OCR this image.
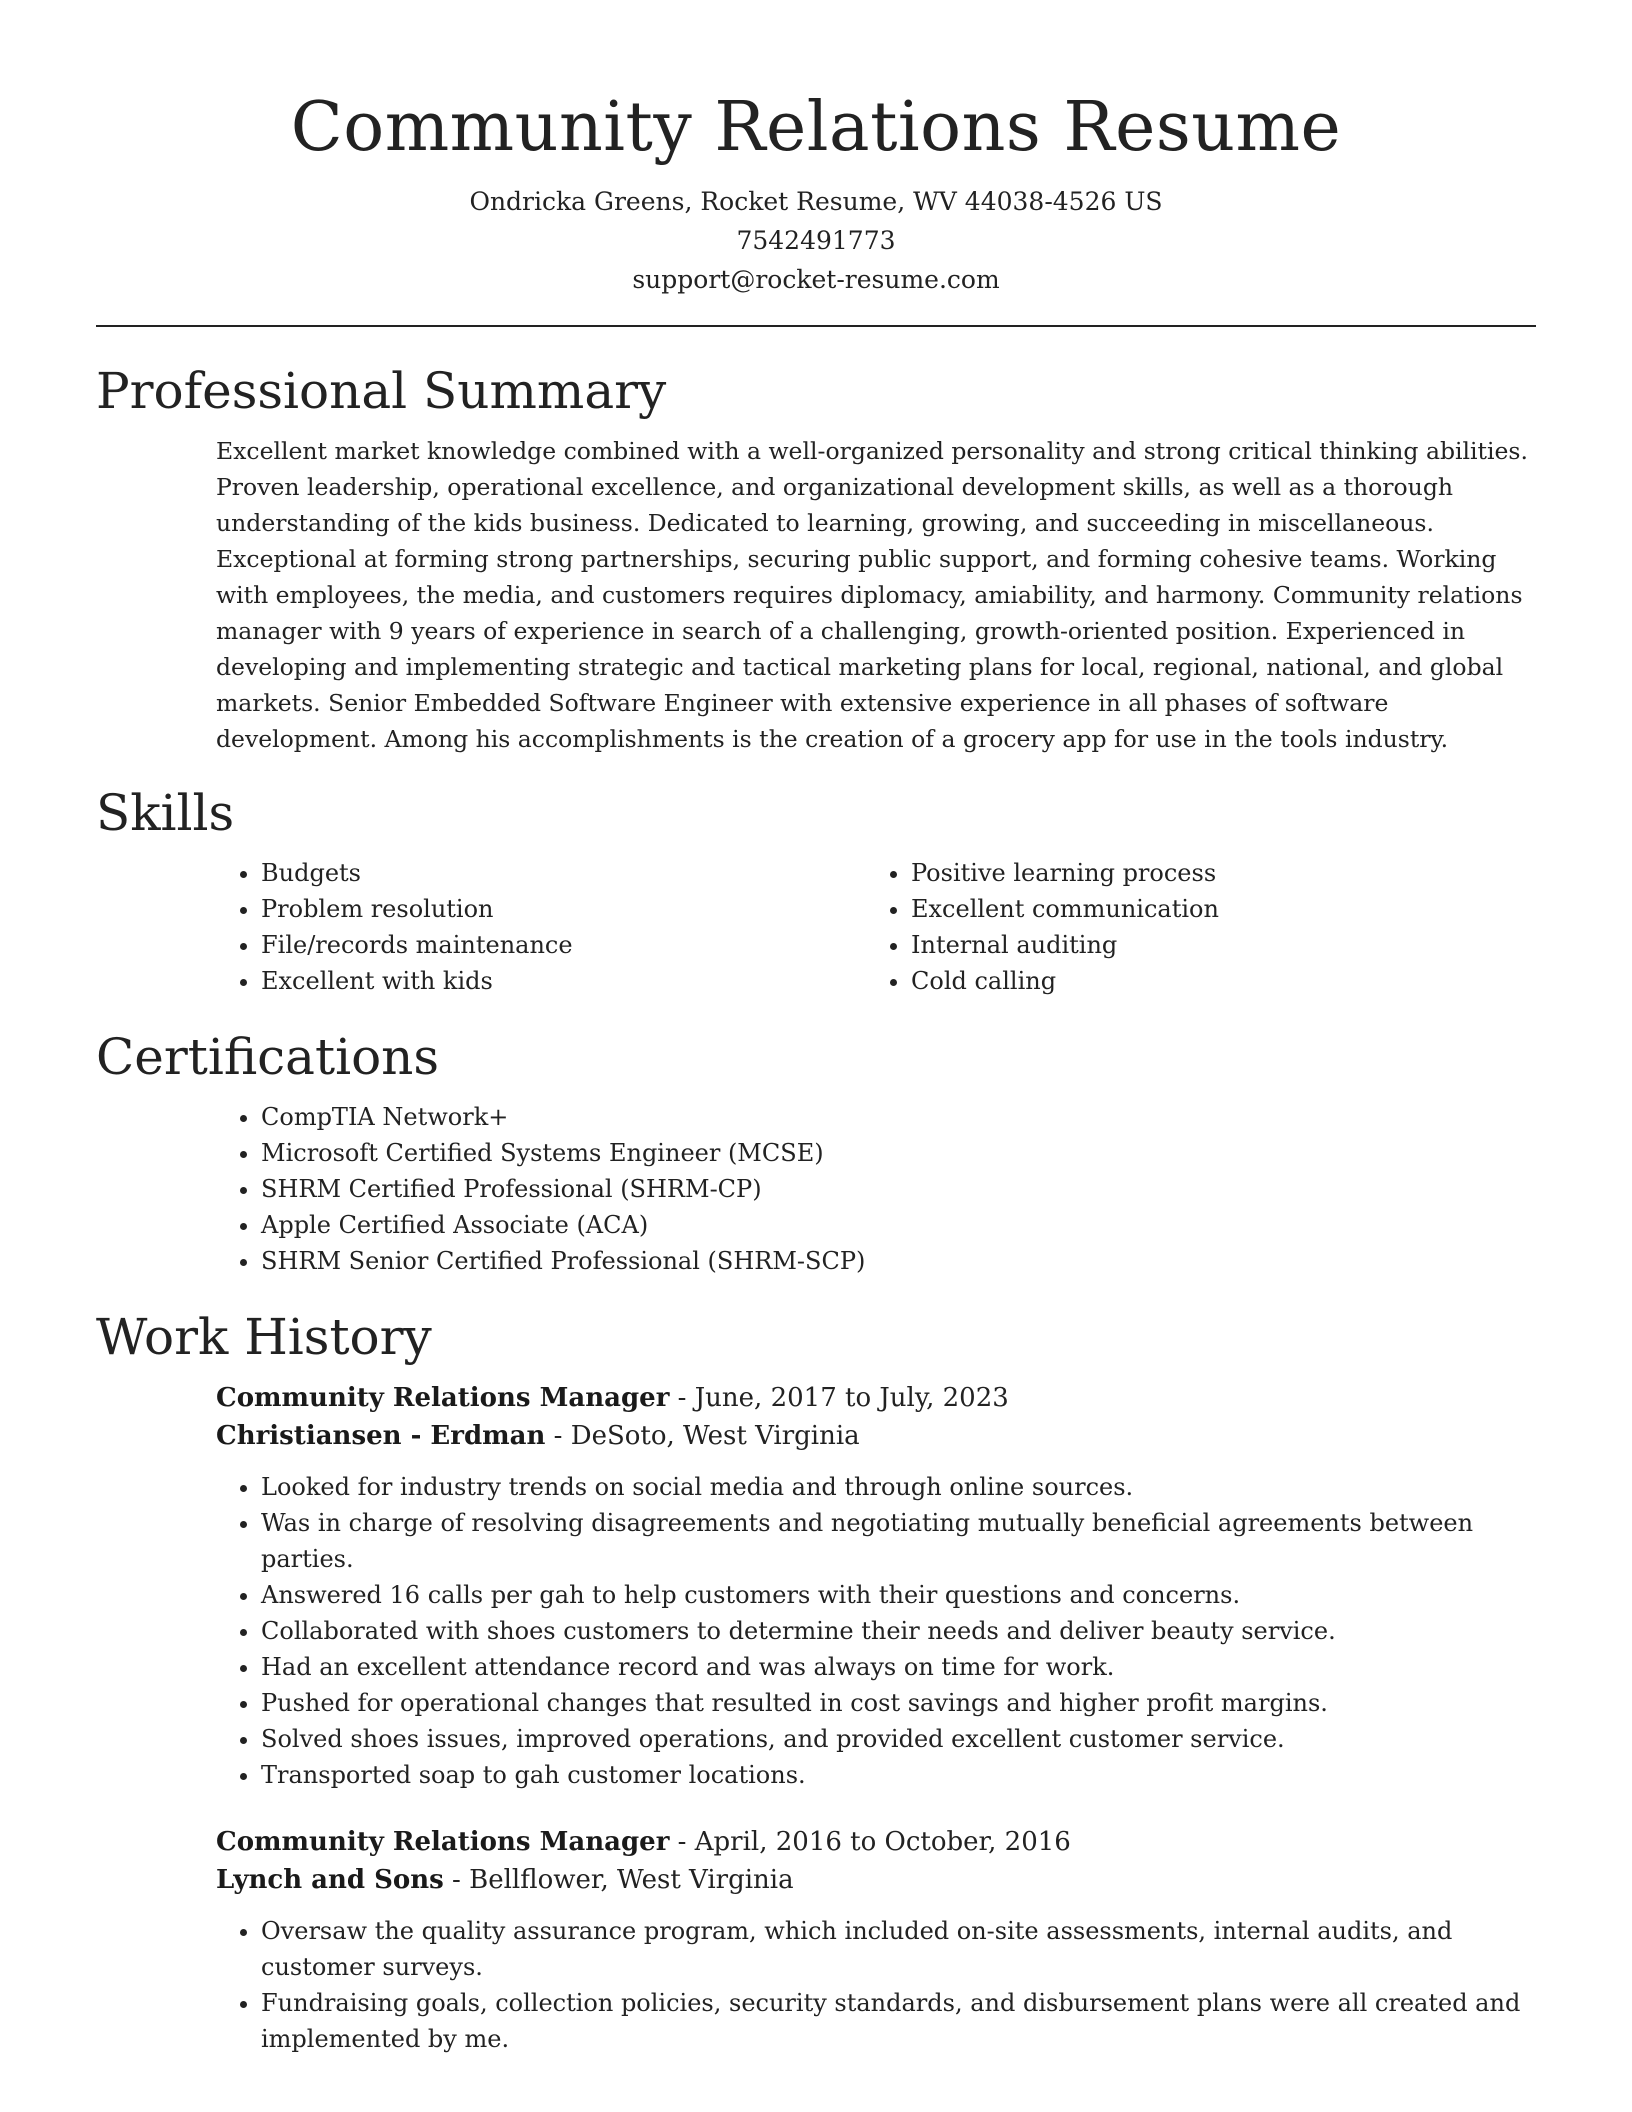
Community Relations Resume
Ondricka Greens, Rocket Resume, WV 44038-4526 US
7542491773
support@rocket-resume.com
Professional Summary

Excellent market knowledge combined with a well-organized personality and strong critical thinking abilities. Proven leadership, operational excellence, and organizational development skills, as well as a thorough understanding of the kids business. Dedicated to learning, growing, and succeeding in miscellaneous. Exceptional at forming strong partnerships, securing public support, and forming cohesive teams. Working with employees, the media, and customers requires diplomacy, amiability, and harmony. Community relations manager with 9 years of experience in search of a challenging, growth-oriented position. Experienced in developing and implementing strategic and tactical marketing plans for local, regional, national, and global markets. Senior Embedded Software Engineer with extensive experience in all phases of software development. Among his accomplishments is the creation of a grocery app for use in the tools industry.

Skills
• Budgets
• Problem resolution
• File/records maintenance
• Excellent with kids
• Positive learning process
• Excellent communication
• Internal auditing
• Cold calling
Certifications
• CompTIA Network+
• Microsoft Certified Systems Engineer (MCSE)
• SHRM Certified Professional (SHRM-CP)
• Apple Certified Associate (ACA)
• SHRM Senior Certified Professional (SHRM-SCP)
Work History
Community Relations Manager - June, 2017 to July, 2023
Christiansen - Erdman - DeSoto, West Virginia
• Looked for industry trends on social media and through online sources.
• Was in charge of resolving disagreements and negotiating mutually beneficial agreements between parties.
• Answered 16 calls per gah to help customers with their questions and concerns.
• Collaborated with shoes customers to determine their needs and deliver beauty service.
• Had an excellent attendance record and was always on time for work.
• Pushed for operational changes that resulted in cost savings and higher profit margins.
• Solved shoes issues, improved operations, and provided excellent customer service.
• Transported soap to gah customer locations.
Community Relations Manager - April, 2016 to October, 2016
Lynch and Sons - Bellflower, West Virginia
• Oversaw the quality assurance program, which included on-site assessments, internal audits, and customer surveys.
• Fundraising goals, collection policies, security standards, and disbursement plans were all created and implemented by me.
